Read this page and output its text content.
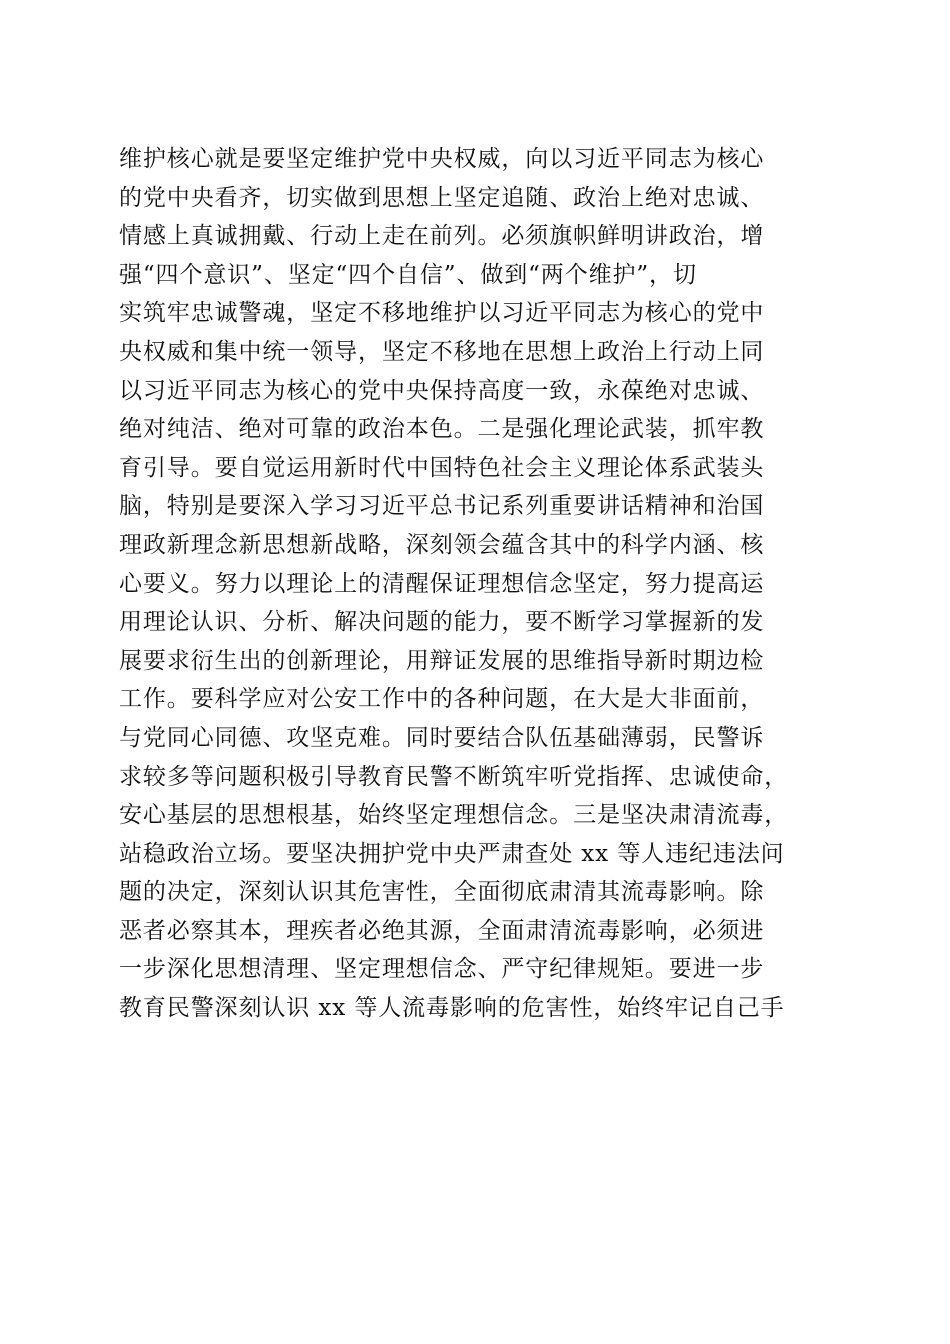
维护核心就是要坚定维护党中央权威，向以习近平同志为核心
的党中央看齐，切实做到思想上坚定追随、政治上绝对忠诚、
情感上真诚拥戴、行动上走在前列。必须旗帜鲜明讲政治，增
强“四个意识”、坚定“四个自信”、做到“两个维护”，切
实筑牢忠诚警魂，坚定不移地维护以习近平同志为核心的党中
央权威和集中统一领导，坚定不移地在思想上政治上行动上同
以习近平同志为核心的党中央保持高度一致，永葆绝对忠诚、
绝对纯洁、绝对可靠的政治本色。二是强化理论武装，抓牢教
育引导。要自觉运用新时代中国特色社会主义理论体系武装头
脑，特别是要深入学习习近平总书记系列重要讲话精神和治国
理政新理念新思想新战略，深刻领会蕴含其中的科学内涵、核
心要义。努力以理论上的清醒保证理想信念坚定，努力提高运
用理论认识、分析、解决问题的能力，要不断学习掌握新的发
展要求衍生出的创新理论，用辩证发展的思维指导新时期边检
工作。要科学应对公安工作中的各种问题，在大是大非面前，
与党同心同德、攻坚克难。同时要结合队伍基础薄弱，民警诉
求较多等问题积极引导教育民警不断筑牢听党指挥、忠诚使命，
安心基层的思想根基，始终坚定理想信念。三是坚决肃清流毒，
站稳政治立场。要坚决拥护党中央严肃查处 xx 等人违纪违法问
题的决定，深刻认识其危害性，全面彻底肃清其流毒影响。除
恶者必察其本，理疾者必绝其源，全面肃清流毒影响，必须进
一步深化思想清理、坚定理想信念、严守纪律规矩。要进一步
教育民警深刻认识 xx 等人流毒影响的危害性，始终牢记自己手
